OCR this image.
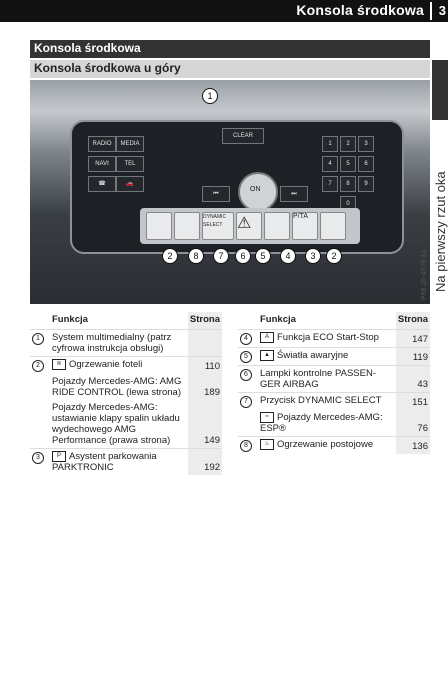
Konsola środkowa 3
Konsola środkowa
Konsola środkowa u góry
Na pierwszy rzut oka
RADIO	MEDIA
NAVI	TEL
☎	🚗
CLEAR
1	2	3
4	5	6
7	8	9
0
⏮	⏭
ON
DYNAMIC SELECT ⚠	P/TA
1
2	8	7	6	5	4	3	2	P68.20-4978-31
	Funkcja	Strona
1	System multimedialny (patrz cyfrowa instrukcja obsługi)	
2	≋ Ogrzewanie foteli	110
	Pojazdy Mercedes-AMG: AMG RIDE CONTROL (lewa strona)	189
	Pojazdy Mercedes-AMG: ustawianie klapy spalin układu wydechowego AMG Performance (prawa strona)	149
3	P Asystent parkowania PARKTRONIC	192
	Funkcja	Strona
4	A Funkcja ECO Start-Stop	147
5	▲ Światła awaryjne	119
6	Lampki kontrolne PASSEN-GER AIRBAG	43
7	Przycisk DYNAMIC SELECT	151
	≈ Pojazdy Mercedes-AMG: ESP®	76
8	♨ Ogrzewanie postojowe	136
